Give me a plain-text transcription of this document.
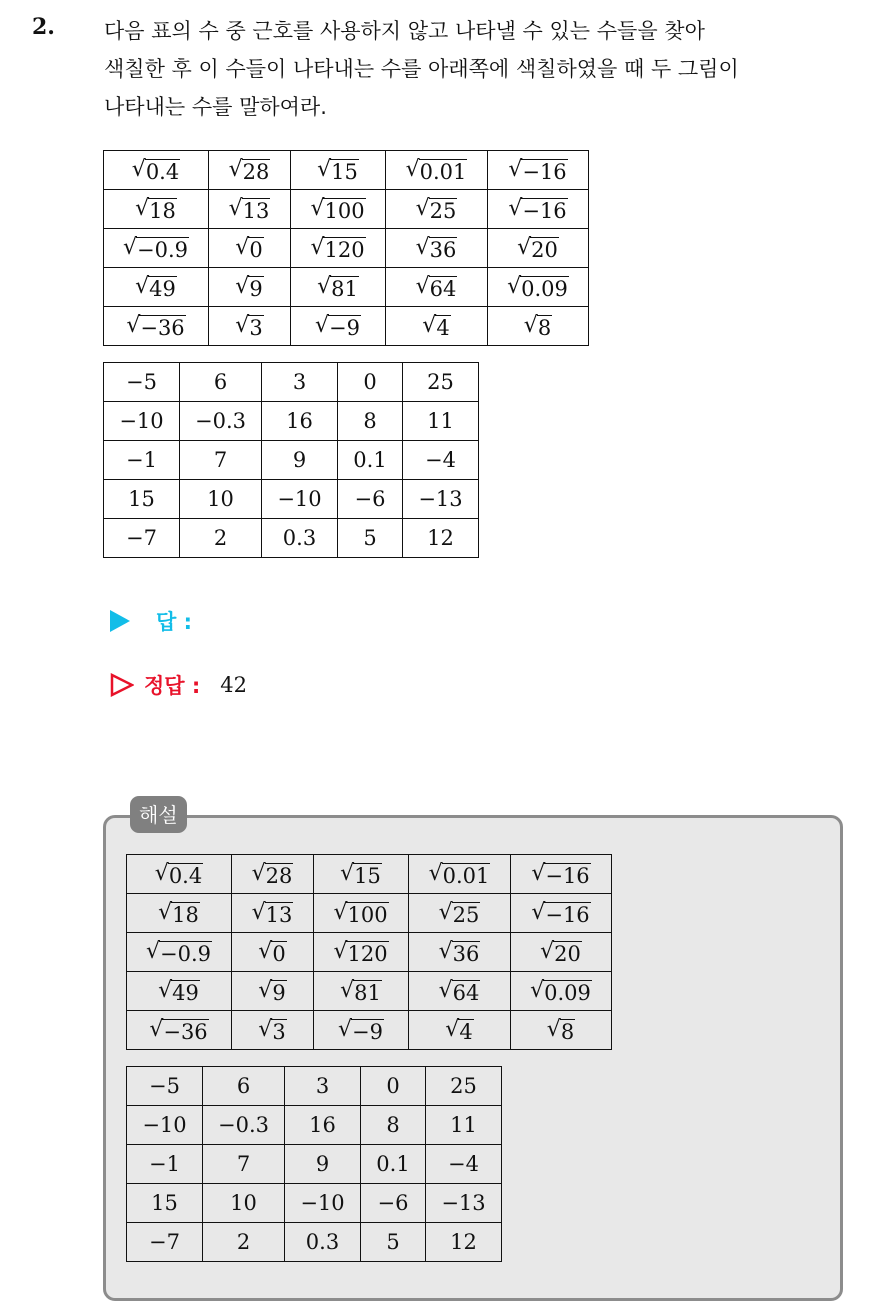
2. 다음 표의 수 중 근호를 사용하지 않고 나타낼 수 있는 수들을 찾아
색칠한 후 이 수들이 나타내는 수를 아래쪽에 색칠하였을 때 두 그림이
나타내는 수를 말하여라.
√ 0.4	√ 28	√ 15	√ 0.01	√ −16

√ 18	√ 13	√ 100	√ 25	√ −16

√ −0.9	√ 0	√ 120	√ 36	√ 20

√ 49	√ 9	√ 81	√ 64	√ 0.09

√ −36	√ 3	√ −9	√ 4	√ 8
−5	6	3	0	25
−10	−0.3	16	8	11
−1	7	9	0.1	−4
15	10	−10	−6	−13
−7	2	0.3	5	12
답 :
정답 : 42
해설
√ 0.4	√ 28	√ 15	√ 0.01	√ −16

√ 18	√ 13	√ 100	√ 25	√ −16

√ −0.9	√ 0	√ 120	√ 36	√ 20

√ 49	√ 9	√ 81	√ 64	√ 0.09

√ −36	√ 3	√ −9	√ 4	√ 8
−5	6	3	0	25
−10	−0.3	16	8	11
−1	7	9	0.1	−4
15	10	−10	−6	−13
−7	2	0.3	5	12
